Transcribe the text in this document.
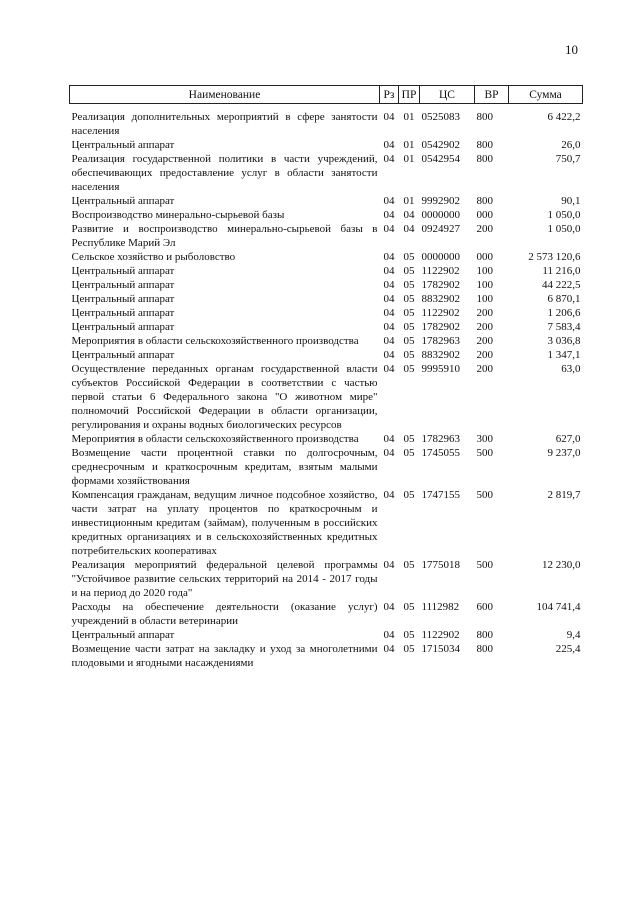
10
Наименование	Рз	ПР	ЦС	ВР	Сумма
Реализация дополнительных мероприятий в сфере занятости населения	04	01	0525083	800	6 422,2
Центральный аппарат	04	01	0542902	800	26,0
Реализация государственной политики в части учреждений, обеспечивающих предоставление услуг в области занятости населения	04	01	0542954	800	750,7
Центральный аппарат	04	01	9992902	800	90,1
Воспроизводство минерально-сырьевой базы	04	04	0000000	000	1 050,0
Развитие и воспроизводство минерально-сырьевой базы в Республике Марий Эл	04	04	0924927	200	1 050,0
Сельское хозяйство и рыболовство	04	05	0000000	000	2 573 120,6
Центральный аппарат	04	05	1122902	100	11 216,0
Центральный аппарат	04	05	1782902	100	44 222,5
Центральный аппарат	04	05	8832902	100	6 870,1
Центральный аппарат	04	05	1122902	200	1 206,6
Центральный аппарат	04	05	1782902	200	7 583,4
Мероприятия в области сельскохозяйственного производства	04	05	1782963	200	3 036,8
Центральный аппарат	04	05	8832902	200	1 347,1
Осуществление переданных органам государственной власти субъектов Российской Федерации в соответствии с частью первой статьи 6 Федерального закона "О животном мире" полномочий Российской Федерации в области организации, регулирования и охраны водных биологических ресурсов	04	05	9995910	200	63,0
Мероприятия в области сельскохозяйственного производства	04	05	1782963	300	627,0
Возмещение части процентной ставки по долгосрочным, среднесрочным и краткосрочным кредитам, взятым малыми формами хозяйствования	04	05	1745055	500	9 237,0
Компенсация гражданам, ведущим личное подсобное хозяйство, части затрат на уплату процентов по краткосрочным и инвестиционным кредитам (займам), полученным в российских кредитных организациях и в сельскохозяйственных кредитных потребительских кооперативах	04	05	1747155	500	2 819,7
Реализация мероприятий федеральной целевой программы "Устойчивое развитие сельских территорий на 2014 - 2017 годы и на период до 2020 года"	04	05	1775018	500	12 230,0
Расходы на обеспечение деятельности (оказание услуг) учреждений в области ветеринарии	04	05	1112982	600	104 741,4
Центральный аппарат	04	05	1122902	800	9,4
Возмещение части затрат на закладку и уход за многолетними плодовыми и ягодными насаждениями	04	05	1715034	800	225,4
